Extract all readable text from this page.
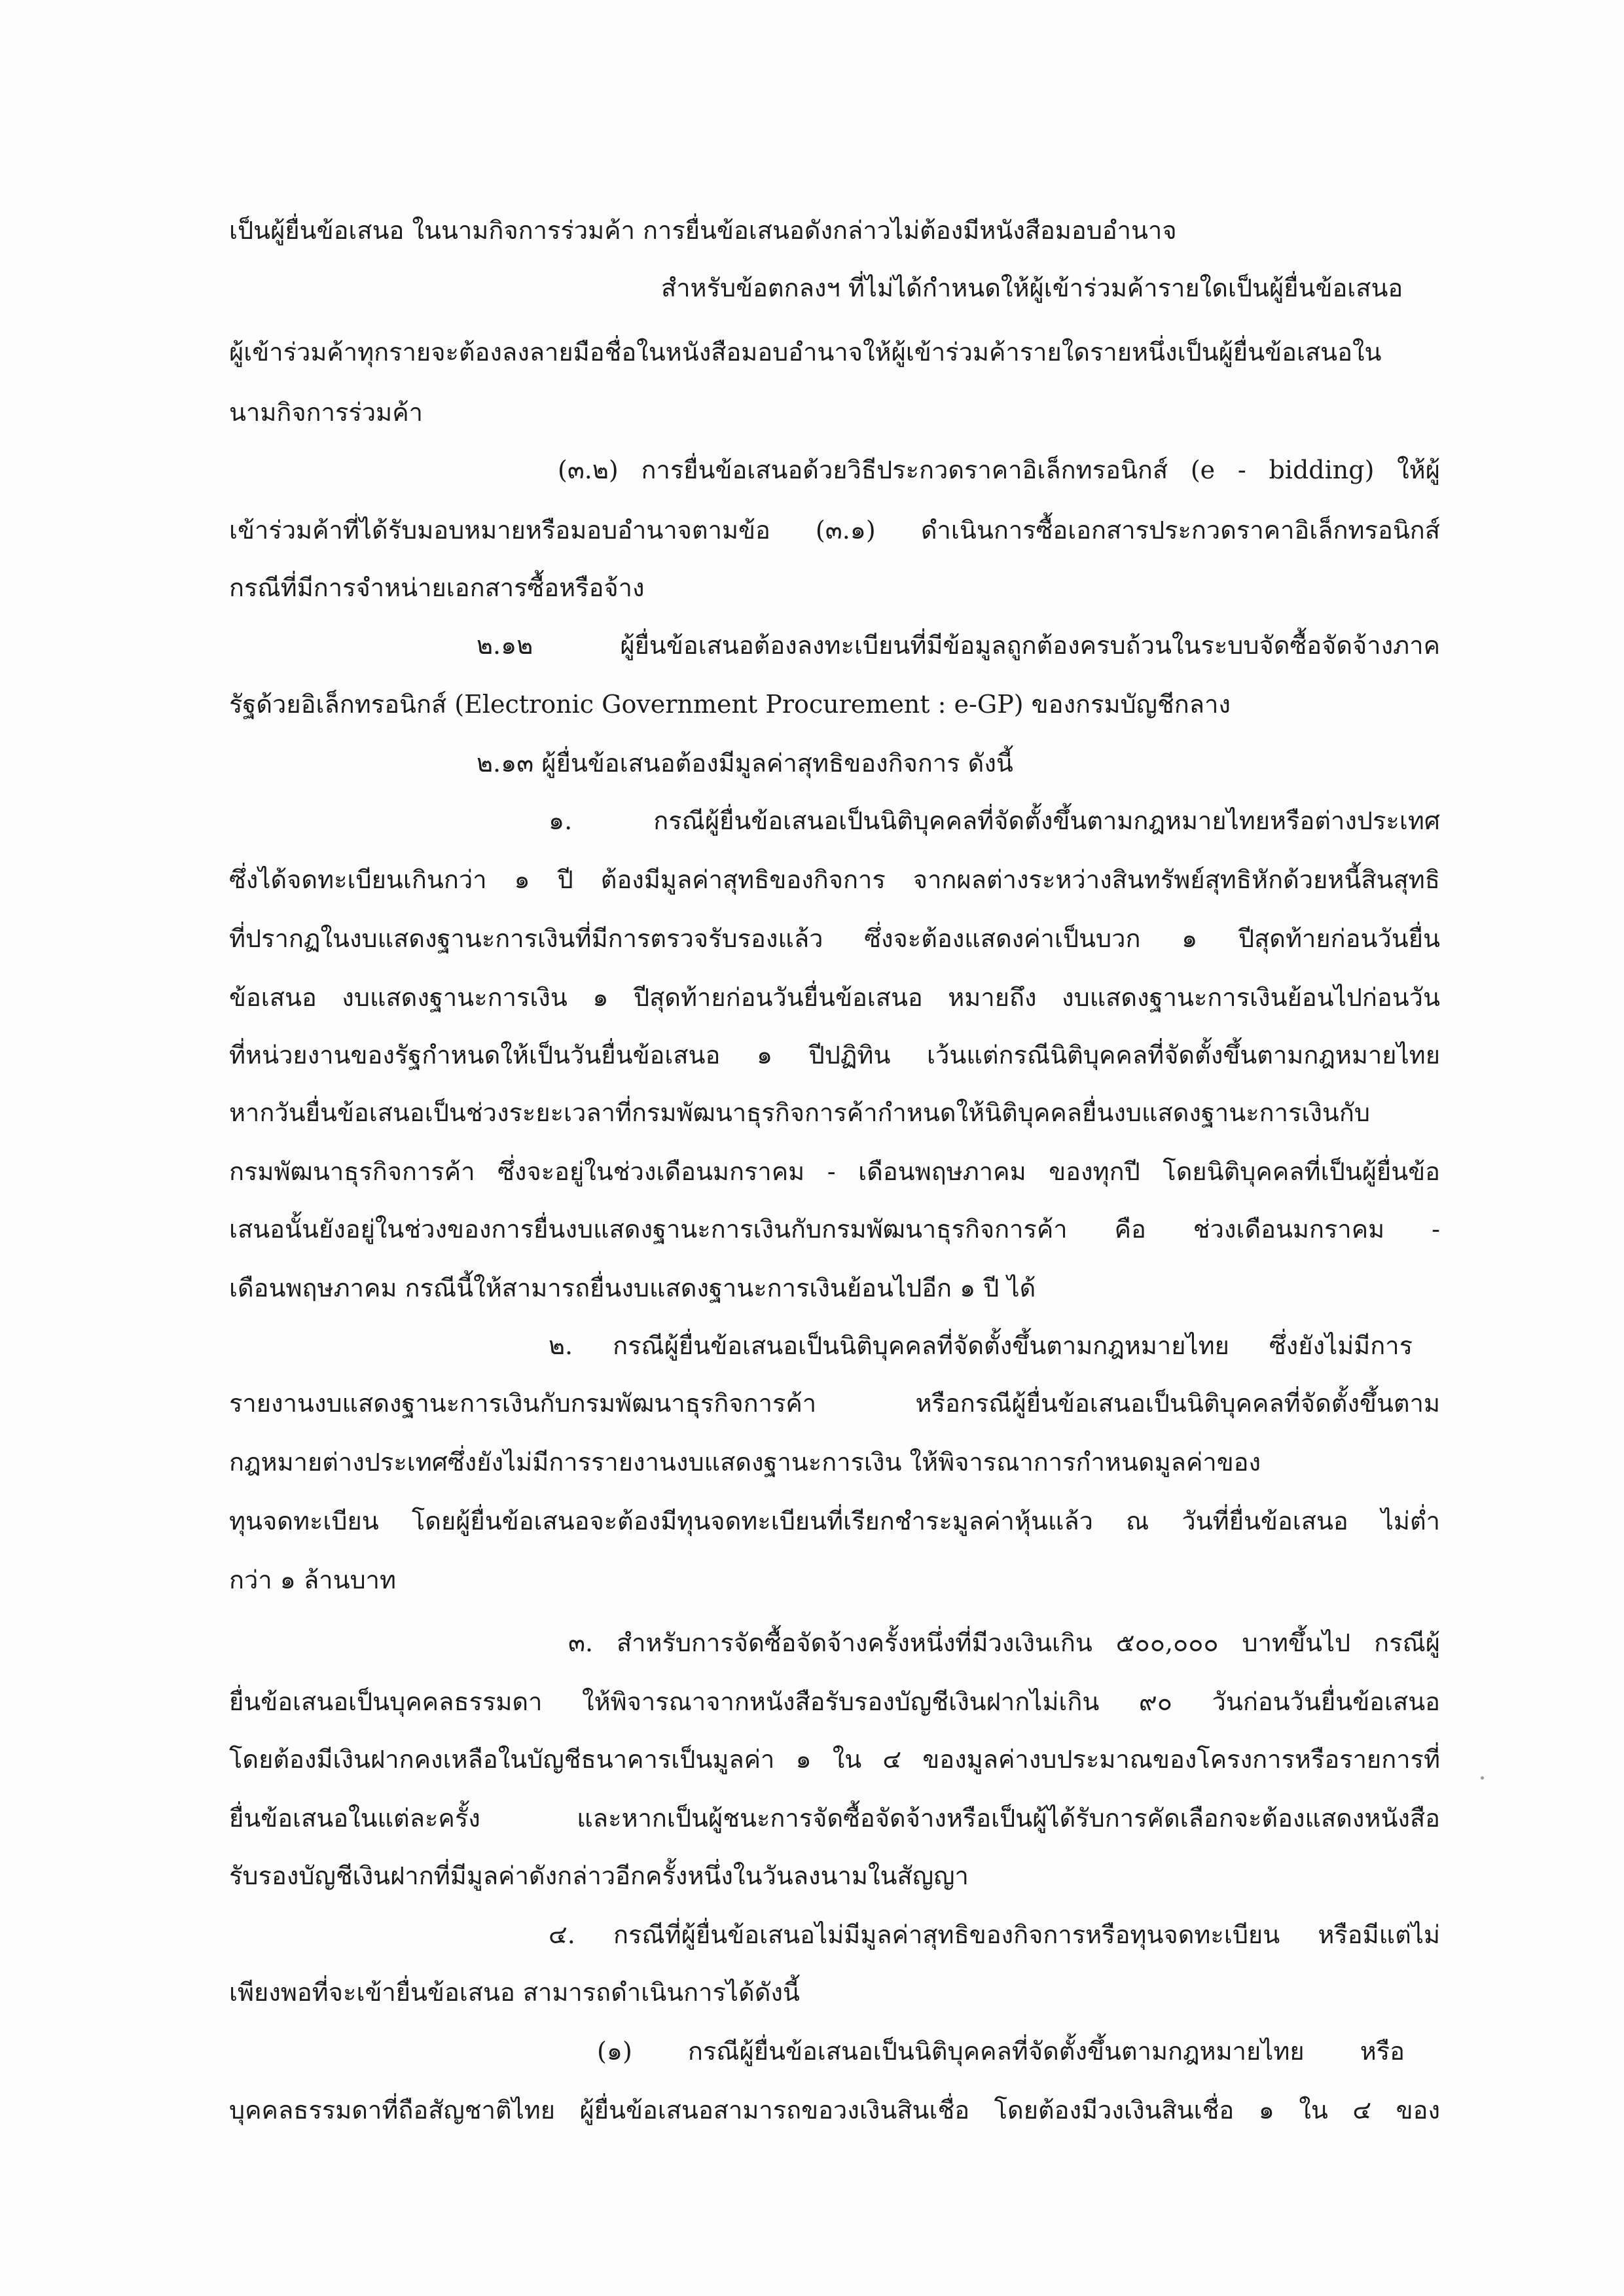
เป็นผู้ยื่นข้อเสนอ ในนามกิจการร่วมค้า การยื่นข้อเสนอดังกล่าวไม่ต้องมีหนังสือมอบอำนาจ
สำหรับข้อตกลงฯ ที่ไม่ได้กำหนดให้ผู้เข้าร่วมค้ารายใดเป็นผู้ยื่นข้อเสนอ
ผู้เข้าร่วมค้าทุกรายจะต้องลงลายมือชื่อในหนังสือมอบอำนาจให้ผู้เข้าร่วมค้ารายใดรายหนึ่งเป็นผู้ยื่นข้อเสนอใน
นามกิจการร่วมค้า
(๓.๒) การยื่นข้อเสนอด้วยวิธีประกวดราคาอิเล็กทรอนิกส์ (e - bidding) ให้ผู้
เข้าร่วมค้าที่ได้รับมอบหมายหรือมอบอำนาจตามข้อ (๓.๑) ดำเนินการซื้อเอกสารประกวดราคาอิเล็กทรอนิกส์
กรณีที่มีการจำหน่ายเอกสารซื้อหรือจ้าง
๒.๑๒ ผู้ยื่นข้อเสนอต้องลงทะเบียนที่มีข้อมูลถูกต้องครบถ้วนในระบบจัดซื้อจัดจ้างภาค
รัฐด้วยอิเล็กทรอนิกส์ (Electronic Government Procurement : e-GP) ของกรมบัญชีกลาง
๒.๑๓ ผู้ยื่นข้อเสนอต้องมีมูลค่าสุทธิของกิจการ ดังนี้
๑. กรณีผู้ยื่นข้อเสนอเป็นนิติบุคคลที่จัดตั้งขึ้นตามกฎหมายไทยหรือต่างประเทศ
ซึ่งได้จดทะเบียนเกินกว่า ๑ ปี ต้องมีมูลค่าสุทธิของกิจการ จากผลต่างระหว่างสินทรัพย์สุทธิหักด้วยหนี้สินสุทธิ
ที่ปรากฏในงบแสดงฐานะการเงินที่มีการตรวจรับรองแล้ว ซึ่งจะต้องแสดงค่าเป็นบวก ๑ ปีสุดท้ายก่อนวันยื่น
ข้อเสนอ งบแสดงฐานะการเงิน ๑ ปีสุดท้ายก่อนวันยื่นข้อเสนอ หมายถึง งบแสดงฐานะการเงินย้อนไปก่อนวัน
ที่หน่วยงานของรัฐกำหนดให้เป็นวันยื่นข้อเสนอ ๑ ปีปฏิทิน เว้นแต่กรณีนิติบุคคลที่จัดตั้งขึ้นตามกฎหมายไทย
หากวันยื่นข้อเสนอเป็นช่วงระยะเวลาที่กรมพัฒนาธุรกิจการค้ากำหนดให้นิติบุคคลยื่นงบแสดงฐานะการเงินกับ
กรมพัฒนาธุรกิจการค้า ซึ่งจะอยู่ในช่วงเดือนมกราคม - เดือนพฤษภาคม ของทุกปี โดยนิติบุคคลที่เป็นผู้ยื่นข้อ
เสนอนั้นยังอยู่ในช่วงของการยื่นงบแสดงฐานะการเงินกับกรมพัฒนาธุรกิจการค้า คือ ช่วงเดือนมกราคม -
เดือนพฤษภาคม กรณีนี้ให้สามารถยื่นงบแสดงฐานะการเงินย้อนไปอีก ๑ ปี ได้
๒. กรณีผู้ยื่นข้อเสนอเป็นนิติบุคคลที่จัดตั้งขึ้นตามกฎหมายไทย ซึ่งยังไม่มีการ
รายงานงบแสดงฐานะการเงินกับกรมพัฒนาธุรกิจการค้า หรือกรณีผู้ยื่นข้อเสนอเป็นนิติบุคคลที่จัดตั้งขึ้นตาม
กฎหมายต่างประเทศซึ่งยังไม่มีการรายงานงบแสดงฐานะการเงิน ให้พิจารณาการกำหนดมูลค่าของ
ทุนจดทะเบียน โดยผู้ยื่นข้อเสนอจะต้องมีทุนจดทะเบียนที่เรียกชำระมูลค่าหุ้นแล้ว ณ วันที่ยื่นข้อเสนอ ไม่ต่ำ
กว่า ๑ ล้านบาท
๓. สำหรับการจัดซื้อจัดจ้างครั้งหนึ่งที่มีวงเงินเกิน ๕๐๐,๐๐๐ บาทขึ้นไป กรณีผู้
ยื่นข้อเสนอเป็นบุคคลธรรมดา ให้พิจารณาจากหนังสือรับรองบัญชีเงินฝากไม่เกิน ๙๐ วันก่อนวันยื่นข้อเสนอ
โดยต้องมีเงินฝากคงเหลือในบัญชีธนาคารเป็นมูลค่า ๑ ใน ๔ ของมูลค่างบประมาณของโครงการหรือรายการที่
ยื่นข้อเสนอในแต่ละครั้ง และหากเป็นผู้ชนะการจัดซื้อจัดจ้างหรือเป็นผู้ได้รับการคัดเลือกจะต้องแสดงหนังสือ
รับรองบัญชีเงินฝากที่มีมูลค่าดังกล่าวอีกครั้งหนึ่งในวันลงนามในสัญญา
๔. กรณีที่ผู้ยื่นข้อเสนอไม่มีมูลค่าสุทธิของกิจการหรือทุนจดทะเบียน หรือมีแต่ไม่
เพียงพอที่จะเข้ายื่นข้อเสนอ สามารถดำเนินการได้ดังนี้
(๑) กรณีผู้ยื่นข้อเสนอเป็นนิติบุคคลที่จัดตั้งขึ้นตามกฎหมายไทย หรือ
บุคคลธรรมดาที่ถือสัญชาติไทย ผู้ยื่นข้อเสนอสามารถขอวงเงินสินเชื่อ โดยต้องมีวงเงินสินเชื่อ ๑ ใน ๔ ของ
